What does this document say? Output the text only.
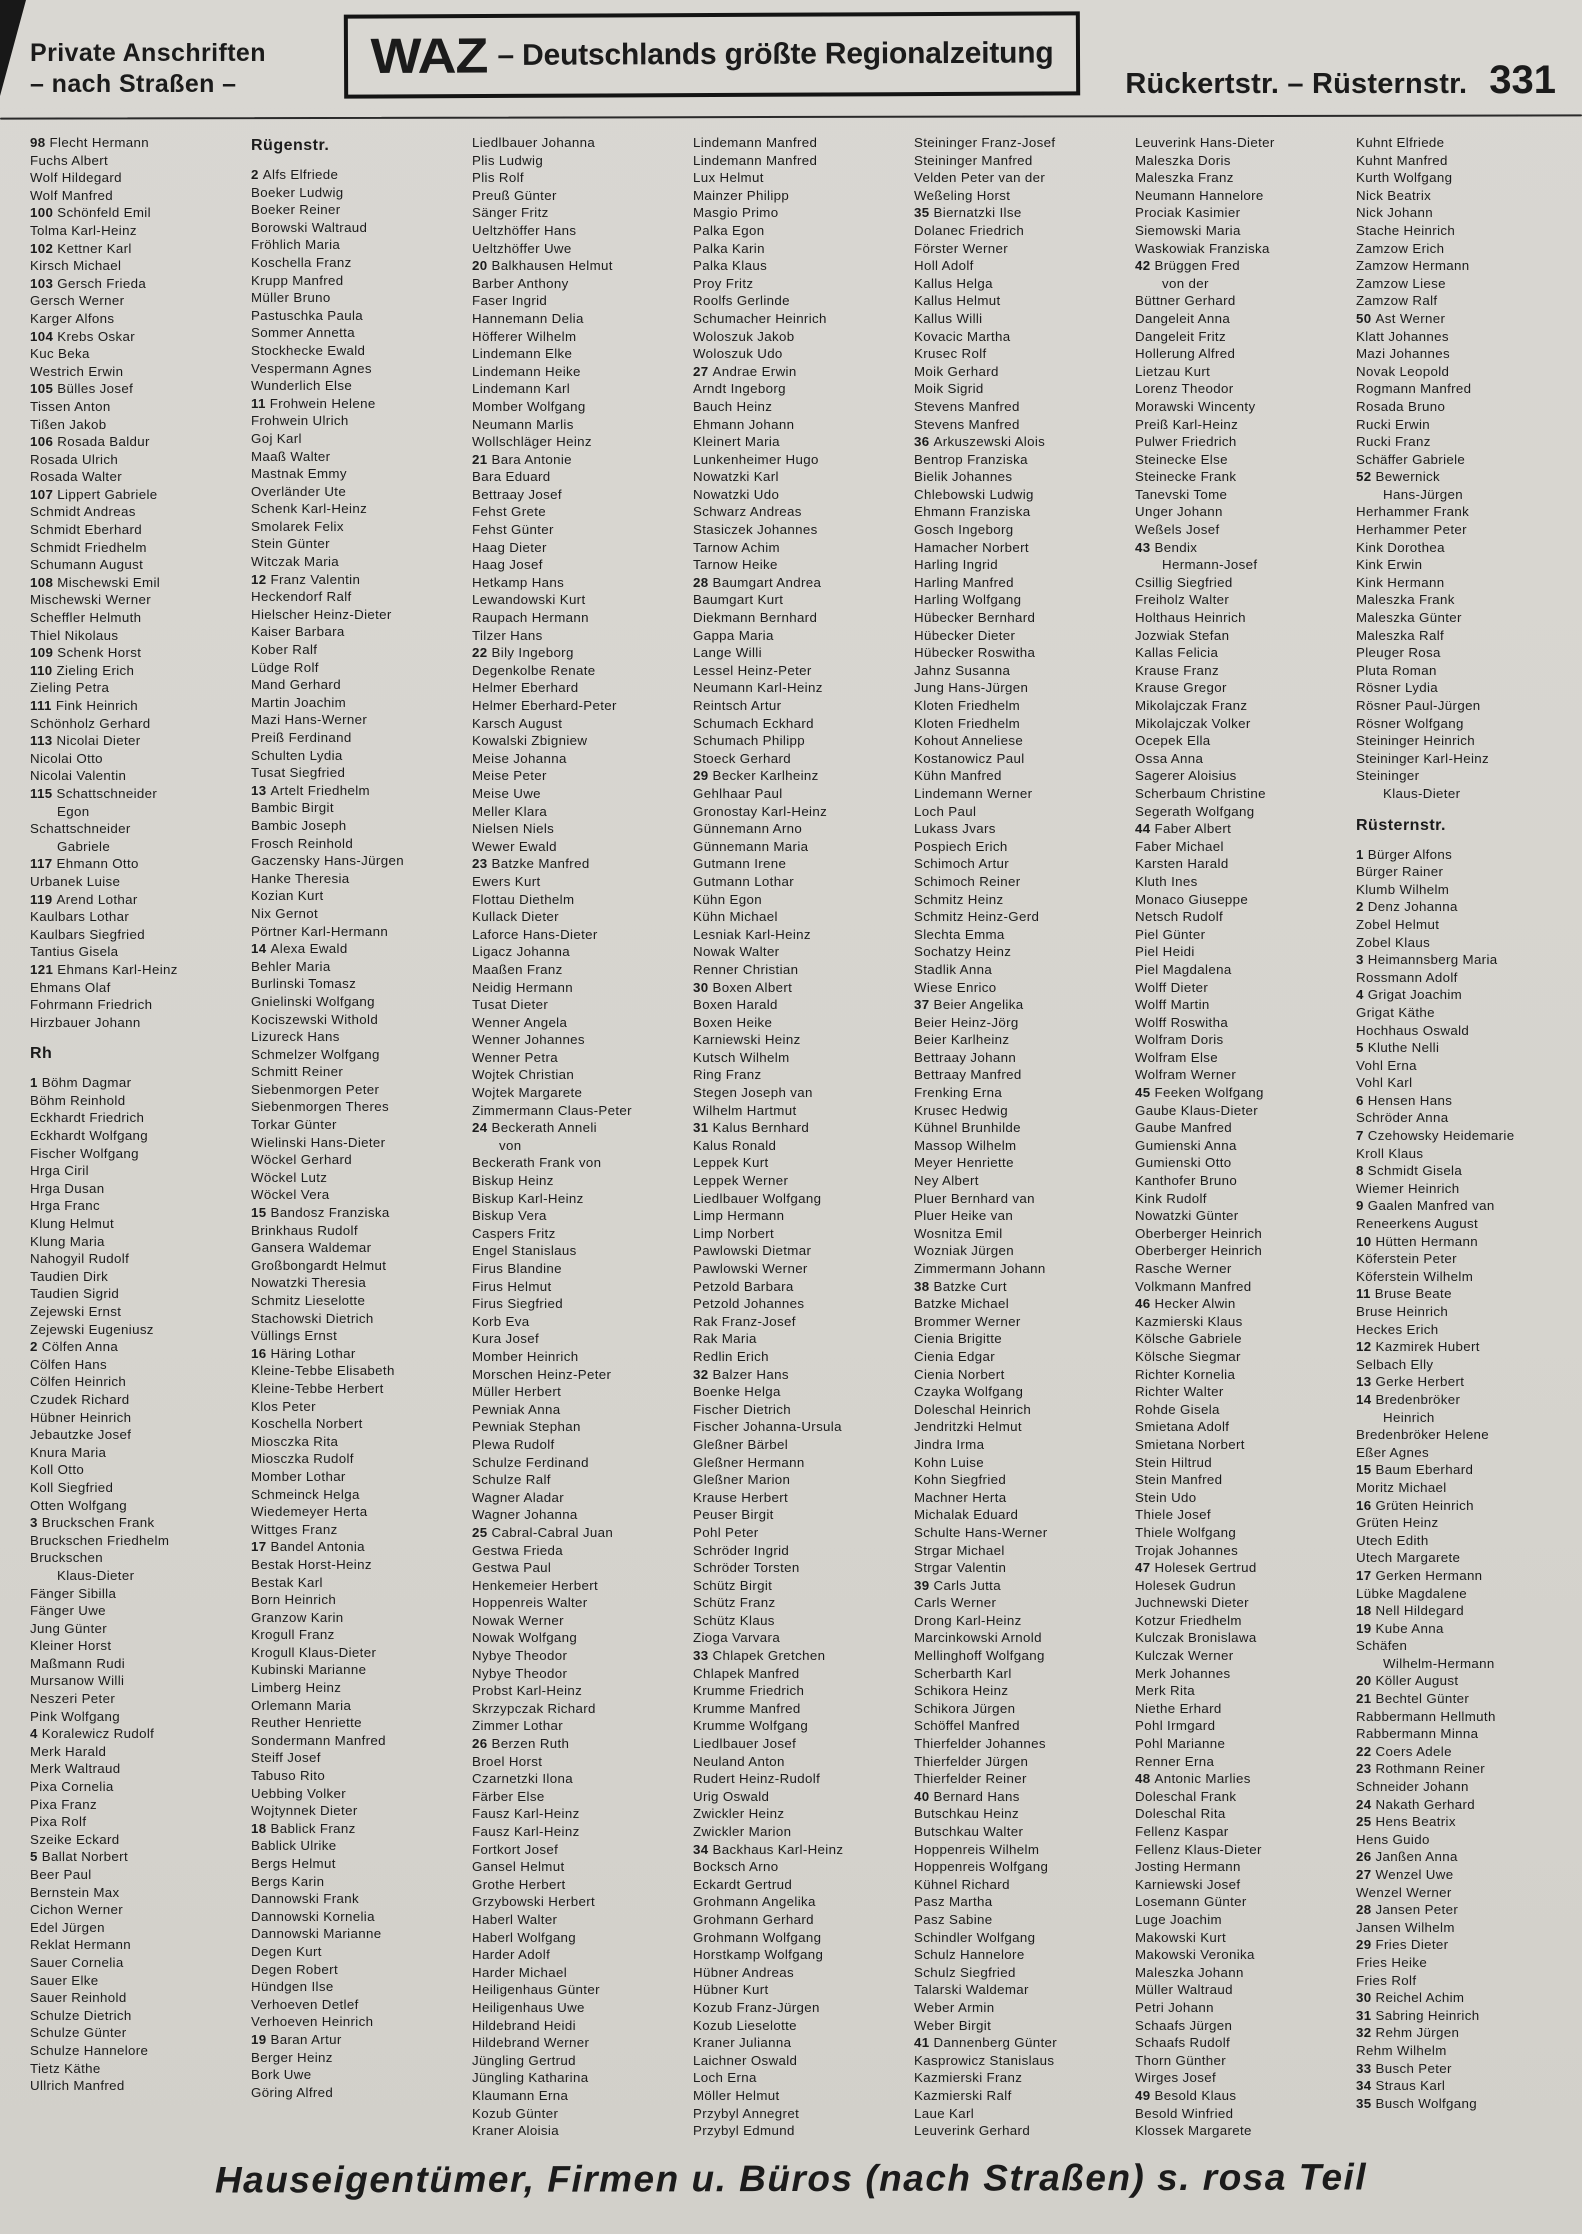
Private Anschriften
– nach Straßen –	WAZ – Deutschlands größte Regionalzeitung
Rückertstr. – Rüsternstr. 331
98 Flecht Hermann
Fuchs Albert
Wolf Hildegard
Wolf Manfred
100 Schönfeld Emil
Tolma Karl-Heinz
102 Kettner Karl
Kirsch Michael
103 Gersch Frieda
Gersch Werner
Karger Alfons
104 Krebs Oskar
Kuc Beka
Westrich Erwin
105 Bülles Josef
Tissen Anton
Tißen Jakob
106 Rosada Baldur
Rosada Ulrich
Rosada Walter
107 Lippert Gabriele
Schmidt Andreas
Schmidt Eberhard
Schmidt Friedhelm
Schumann August
108 Mischewski Emil
Mischewski Werner
Scheffler Helmuth
Thiel Nikolaus
109 Schenk Horst
110 Zieling Erich
Zieling Petra
111 Fink Heinrich
Schönholz Gerhard
113 Nicolai Dieter
Nicolai Otto
Nicolai Valentin
115 Schattschneider
Egon
Schattschneider
Gabriele
117 Ehmann Otto
Urbanek Luise
119 Arend Lothar
Kaulbars Lothar
Kaulbars Siegfried
Tantius Gisela
121 Ehmans Karl-Heinz
Ehmans Olaf
Fohrmann Friedrich
Hirzbauer Johann
Rh
1 Böhm Dagmar
Böhm Reinhold
Eckhardt Friedrich
Eckhardt Wolfgang
Fischer Wolfgang
Hrga Ciril
Hrga Dusan
Hrga Franc
Klung Helmut
Klung Maria
Nahogyil Rudolf
Taudien Dirk
Taudien Sigrid
Zejewski Ernst
Zejewski Eugeniusz
2 Cölfen Anna
Cölfen Hans
Cölfen Heinrich
Czudek Richard
Hübner Heinrich
Jebautzke Josef
Knura Maria
Koll Otto
Koll Siegfried
Otten Wolfgang
3 Bruckschen Frank
Bruckschen Friedhelm
Bruckschen
Klaus-Dieter
Fänger Sibilla
Fänger Uwe
Jung Günter
Kleiner Horst
Maßmann Rudi
Mursanow Willi
Neszeri Peter
Pink Wolfgang
4 Koralewicz Rudolf
Merk Harald
Merk Waltraud
Pixa Cornelia
Pixa Franz
Pixa Rolf
Szeike Eckard
5 Ballat Norbert
Beer Paul
Bernstein Max
Cichon Werner
Edel Jürgen
Reklat Hermann
Sauer Cornelia
Sauer Elke
Sauer Reinhold
Schulze Dietrich
Schulze Günter
Schulze Hannelore
Tietz Käthe
Ullrich Manfred
Rügenstr.
2 Alfs Elfriede
Boeker Ludwig
Boeker Reiner
Borowski Waltraud
Fröhlich Maria
Koschella Franz
Krupp Manfred
Müller Bruno
Pastuschka Paula
Sommer Annetta
Stockhecke Ewald
Vespermann Agnes
Wunderlich Else
11 Frohwein Helene
Frohwein Ulrich
Goj Karl
Maaß Walter
Mastnak Emmy
Overländer Ute
Schenk Karl-Heinz
Smolarek Felix
Stein Günter
Witczak Maria
12 Franz Valentin
Heckendorf Ralf
Hielscher Heinz-Dieter
Kaiser Barbara
Kober Ralf
Lüdge Rolf
Mand Gerhard
Martin Joachim
Mazi Hans-Werner
Preiß Ferdinand
Schulten Lydia
Tusat Siegfried
13 Artelt Friedhelm
Bambic Birgit
Bambic Joseph
Frosch Reinhold
Gaczensky Hans-Jürgen
Hanke Theresia
Kozian Kurt
Nix Gernot
Pörtner Karl-Hermann
14 Alexa Ewald
Behler Maria
Burlinski Tomasz
Gnielinski Wolfgang
Kociszewski Withold
Lizureck Hans
Schmelzer Wolfgang
Schmitt Reiner
Siebenmorgen Peter
Siebenmorgen Theres
Torkar Günter
Wielinski Hans-Dieter
Wöckel Gerhard
Wöckel Lutz
Wöckel Vera
15 Bandosz Franziska
Brinkhaus Rudolf
Gansera Waldemar
Großbongardt Helmut
Nowatzki Theresia
Schmitz Lieselotte
Stachowski Dietrich
Vüllings Ernst
16 Häring Lothar
Kleine-Tebbe Elisabeth
Kleine-Tebbe Herbert
Klos Peter
Koschella Norbert
Miosczka Rita
Miosczka Rudolf
Momber Lothar
Schmeinck Helga
Wiedemeyer Herta
Wittges Franz
17 Bandel Antonia
Bestak Horst-Heinz
Bestak Karl
Born Heinrich
Granzow Karin
Krogull Franz
Krogull Klaus-Dieter
Kubinski Marianne
Limberg Heinz
Orlemann Maria
Reuther Henriette
Sondermann Manfred
Steiff Josef
Tabuso Rito
Uebbing Volker
Wojtynnek Dieter
18 Bablick Franz
Bablick Ulrike
Bergs Helmut
Bergs Karin
Dannowski Frank
Dannowski Kornelia
Dannowski Marianne
Degen Kurt
Degen Robert
Hündgen Ilse
Verhoeven Detlef
Verhoeven Heinrich
19 Baran Artur
Berger Heinz
Bork Uwe
Göring Alfred
Liedlbauer Johanna
Plis Ludwig
Plis Rolf
Preuß Günter
Sänger Fritz
Ueltzhöffer Hans
Ueltzhöffer Uwe
20 Balkhausen Helmut
Barber Anthony
Faser Ingrid
Hannemann Delia
Höfferer Wilhelm
Lindemann Elke
Lindemann Heike
Lindemann Karl
Momber Wolfgang
Neumann Marlis
Wollschläger Heinz
21 Bara Antonie
Bara Eduard
Bettraay Josef
Fehst Grete
Fehst Günter
Haag Dieter
Haag Josef
Hetkamp Hans
Lewandowski Kurt
Raupach Hermann
Tilzer Hans
22 Bily Ingeborg
Degenkolbe Renate
Helmer Eberhard
Helmer Eberhard-Peter
Karsch August
Kowalski Zbigniew
Meise Johanna
Meise Peter
Meise Uwe
Meller Klara
Nielsen Niels
Wewer Ewald
23 Batzke Manfred
Ewers Kurt
Flottau Diethelm
Kullack Dieter
Laforce Hans-Dieter
Ligacz Johanna
Maaßen Franz
Neidig Hermann
Tusat Dieter
Wenner Angela
Wenner Johannes
Wenner Petra
Wojtek Christian
Wojtek Margarete
Zimmermann Claus-Peter
24 Beckerath Anneli
von
Beckerath Frank von
Biskup Heinz
Biskup Karl-Heinz
Biskup Vera
Caspers Fritz
Engel Stanislaus
Firus Blandine
Firus Helmut
Firus Siegfried
Korb Eva
Kura Josef
Momber Heinrich
Morschen Heinz-Peter
Müller Herbert
Pewniak Anna
Pewniak Stephan
Plewa Rudolf
Schulze Ferdinand
Schulze Ralf
Wagner Aladar
Wagner Johanna
25 Cabral-Cabral Juan
Gestwa Frieda
Gestwa Paul
Henkemeier Herbert
Hoppenreis Walter
Nowak Werner
Nowak Wolfgang
Nybye Theodor
Nybye Theodor
Probst Karl-Heinz
Skrzypczak Richard
Zimmer Lothar
26 Berzen Ruth
Broel Horst
Czarnetzki Ilona
Färber Else
Fausz Karl-Heinz
Fausz Karl-Heinz
Fortkort Josef
Gansel Helmut
Grothe Herbert
Grzybowski Herbert
Haberl Walter
Haberl Wolfgang
Harder Adolf
Harder Michael
Heiligenhaus Günter
Heiligenhaus Uwe
Hildebrand Heidi
Hildebrand Werner
Jüngling Gertrud
Jüngling Katharina
Klaumann Erna
Kozub Günter
Kraner Aloisia
Lindemann Manfred
Lindemann Manfred
Lux Helmut
Mainzer Philipp
Masgio Primo
Palka Egon
Palka Karin
Palka Klaus
Proy Fritz
Roolfs Gerlinde
Schumacher Heinrich
Woloszuk Jakob
Woloszuk Udo
27 Andrae Erwin
Arndt Ingeborg
Bauch Heinz
Ehmann Johann
Kleinert Maria
Lunkenheimer Hugo
Nowatzki Karl
Nowatzki Udo
Schwarz Andreas
Stasiczek Johannes
Tarnow Achim
Tarnow Heike
28 Baumgart Andrea
Baumgart Kurt
Diekmann Bernhard
Gappa Maria
Lange Willi
Lessel Heinz-Peter
Neumann Karl-Heinz
Reintsch Artur
Schumach Eckhard
Schumach Philipp
Stoeck Gerhard
29 Becker Karlheinz
Gehlhaar Paul
Gronostay Karl-Heinz
Günnemann Arno
Günnemann Maria
Gutmann Irene
Gutmann Lothar
Kühn Egon
Kühn Michael
Lesniak Karl-Heinz
Nowak Walter
Renner Christian
30 Boxen Albert
Boxen Harald
Boxen Heike
Karniewski Heinz
Kutsch Wilhelm
Ring Franz
Stegen Joseph van
Wilhelm Hartmut
31 Kalus Bernhard
Kalus Ronald
Leppek Kurt
Leppek Werner
Liedlbauer Wolfgang
Limp Hermann
Limp Norbert
Pawlowski Dietmar
Pawlowski Werner
Petzold Barbara
Petzold Johannes
Rak Franz-Josef
Rak Maria
Redlin Erich
32 Balzer Hans
Boenke Helga
Fischer Dietrich
Fischer Johanna-Ursula
Gleßner Bärbel
Gleßner Hermann
Gleßner Marion
Krause Herbert
Peuser Birgit
Pohl Peter
Schröder Ingrid
Schröder Torsten
Schütz Birgit
Schütz Franz
Schütz Klaus
Zioga Varvara
33 Chlapek Gretchen
Chlapek Manfred
Krumme Friedrich
Krumme Manfred
Krumme Wolfgang
Liedlbauer Josef
Neuland Anton
Rudert Heinz-Rudolf
Urig Oswald
Zwickler Heinz
Zwickler Marion
34 Backhaus Karl-Heinz
Bocksch Arno
Eckardt Gertrud
Grohmann Angelika
Grohmann Gerhard
Grohmann Wolfgang
Horstkamp Wolfgang
Hübner Andreas
Hübner Kurt
Kozub Franz-Jürgen
Kozub Lieselotte
Kraner Julianna
Laichner Oswald
Loch Erna
Möller Helmut
Przybyl Annegret
Przybyl Edmund
Steininger Franz-Josef
Steininger Manfred
Velden Peter van der
Weßeling Horst
35 Biernatzki Ilse
Dolanec Friedrich
Förster Werner
Holl Adolf
Kallus Helga
Kallus Helmut
Kallus Willi
Kovacic Martha
Krusec Rolf
Moik Gerhard
Moik Sigrid
Stevens Manfred
Stevens Manfred
36 Arkuszewski Alois
Bentrop Franziska
Bielik Johannes
Chlebowski Ludwig
Ehmann Franziska
Gosch Ingeborg
Hamacher Norbert
Harling Ingrid
Harling Manfred
Harling Wolfgang
Hübecker Bernhard
Hübecker Dieter
Hübecker Roswitha
Jahnz Susanna
Jung Hans-Jürgen
Kloten Friedhelm
Kloten Friedhelm
Kohout Anneliese
Kostanowicz Paul
Kühn Manfred
Lindemann Werner
Loch Paul
Lukass Jvars
Pospiech Erich
Schimoch Artur
Schimoch Reiner
Schmitz Heinz
Schmitz Heinz-Gerd
Slechta Emma
Sochatzy Heinz
Stadlik Anna
Wiese Enrico
37 Beier Angelika
Beier Heinz-Jörg
Beier Karlheinz
Bettraay Johann
Bettraay Manfred
Frenking Erna
Krusec Hedwig
Kühnel Brunhilde
Massop Wilhelm
Meyer Henriette
Ney Albert
Pluer Bernhard van
Pluer Heike van
Wosnitza Emil
Wozniak Jürgen
Zimmermann Johann
38 Batzke Curt
Batzke Michael
Brommer Werner
Cienia Brigitte
Cienia Edgar
Cienia Norbert
Czayka Wolfgang
Doleschal Heinrich
Jendritzki Helmut
Jindra Irma
Kohn Luise
Kohn Siegfried
Machner Herta
Michalak Eduard
Schulte Hans-Werner
Strgar Michael
Strgar Valentin
39 Carls Jutta
Carls Werner
Drong Karl-Heinz
Marcinkowski Arnold
Mellinghoff Wolfgang
Scherbarth Karl
Schikora Heinz
Schikora Jürgen
Schöffel Manfred
Thierfelder Johannes
Thierfelder Jürgen
Thierfelder Reiner
40 Bernard Hans
Butschkau Heinz
Butschkau Walter
Hoppenreis Wilhelm
Hoppenreis Wolfgang
Kühnel Richard
Pasz Martha
Pasz Sabine
Schindler Wolfgang
Schulz Hannelore
Schulz Siegfried
Talarski Waldemar
Weber Armin
Weber Birgit
41 Dannenberg Günter
Kasprowicz Stanislaus
Kazmierski Franz
Kazmierski Ralf
Laue Karl
Leuverink Gerhard
Leuverink Hans-Dieter
Maleszka Doris
Maleszka Franz
Neumann Hannelore
Prociak Kasimier
Siemowski Maria
Waskowiak Franziska
42 Brüggen Fred
von der
Büttner Gerhard
Dangeleit Anna
Dangeleit Fritz
Hollerung Alfred
Lietzau Kurt
Lorenz Theodor
Morawski Wincenty
Preiß Karl-Heinz
Pulwer Friedrich
Steinecke Else
Steinecke Frank
Tanevski Tome
Unger Johann
Weßels Josef
43 Bendix
Hermann-Josef
Csillig Siegfried
Freiholz Walter
Holthaus Heinrich
Jozwiak Stefan
Kallas Felicia
Krause Franz
Krause Gregor
Mikolajczak Franz
Mikolajczak Volker
Ocepek Ella
Ossa Anna
Sagerer Aloisius
Scherbaum Christine
Segerath Wolfgang
44 Faber Albert
Faber Michael
Karsten Harald
Kluth Ines
Monaco Giuseppe
Netsch Rudolf
Piel Günter
Piel Heidi
Piel Magdalena
Wolff Dieter
Wolff Martin
Wolff Roswitha
Wolfram Doris
Wolfram Else
Wolfram Werner
45 Feeken Wolfgang
Gaube Klaus-Dieter
Gaube Manfred
Gumienski Anna
Gumienski Otto
Kanthofer Bruno
Kink Rudolf
Nowatzki Günter
Oberberger Heinrich
Oberberger Heinrich
Rasche Werner
Volkmann Manfred
46 Hecker Alwin
Kazmierski Klaus
Kölsche Gabriele
Kölsche Siegmar
Richter Kornelia
Richter Walter
Rohde Gisela
Smietana Adolf
Smietana Norbert
Stein Hiltrud
Stein Manfred
Stein Udo
Thiele Josef
Thiele Wolfgang
Trojak Johannes
47 Holesek Gertrud
Holesek Gudrun
Juchnewski Dieter
Kotzur Friedhelm
Kulczak Bronislawa
Kulczak Werner
Merk Johannes
Merk Rita
Niethe Erhard
Pohl Irmgard
Pohl Marianne
Renner Erna
48 Antonic Marlies
Doleschal Frank
Doleschal Rita
Fellenz Kaspar
Fellenz Klaus-Dieter
Josting Hermann
Karniewski Josef
Losemann Günter
Luge Joachim
Makowski Kurt
Makowski Veronika
Maleszka Johann
Müller Waltraud
Petri Johann
Schaafs Jürgen
Schaafs Rudolf
Thorn Günther
Wirges Josef
49 Besold Klaus
Besold Winfried
Klossek Margarete
Kuhnt Elfriede
Kuhnt Manfred
Kurth Wolfgang
Nick Beatrix
Nick Johann
Stache Heinrich
Zamzow Erich
Zamzow Hermann
Zamzow Liese
Zamzow Ralf
50 Ast Werner
Klatt Johannes
Mazi Johannes
Novak Leopold
Rogmann Manfred
Rosada Bruno
Rucki Erwin
Rucki Franz
Schäffer Gabriele
52 Bewernick
Hans-Jürgen
Herhammer Frank
Herhammer Peter
Kink Dorothea
Kink Erwin
Kink Hermann
Maleszka Frank
Maleszka Günter
Maleszka Ralf
Pleuger Rosa
Pluta Roman
Rösner Lydia
Rösner Paul-Jürgen
Rösner Wolfgang
Steininger Heinrich
Steininger Karl-Heinz
Steininger
Klaus-Dieter
Rüsternstr.
1 Bürger Alfons
Bürger Rainer
Klumb Wilhelm
2 Denz Johanna
Zobel Helmut
Zobel Klaus
3 Heimannsberg Maria
Rossmann Adolf
4 Grigat Joachim
Grigat Käthe
Hochhaus Oswald
5 Kluthe Nelli
Vohl Erna
Vohl Karl
6 Hensen Hans
Schröder Anna
7 Czehowsky Heidemarie
Kroll Klaus
8 Schmidt Gisela
Wiemer Heinrich
9 Gaalen Manfred van
Reneerkens August
10 Hütten Hermann
Köferstein Peter
Köferstein Wilhelm
11 Bruse Beate
Bruse Heinrich
Heckes Erich
12 Kazmirek Hubert
Selbach Elly
13 Gerke Herbert
14 Bredenbröker
Heinrich
Bredenbröker Helene
Eßer Agnes
15 Baum Eberhard
Moritz Michael
16 Grüten Heinrich
Grüten Heinz
Utech Edith
Utech Margarete
17 Gerken Hermann
Lübke Magdalene
18 Nell Hildegard
19 Kube Anna
Schäfen
Wilhelm-Hermann
20 Köller August
21 Bechtel Günter
Rabbermann Hellmuth
Rabbermann Minna
22 Coers Adele
23 Rothmann Reiner
Schneider Johann
24 Nakath Gerhard
25 Hens Beatrix
Hens Guido
26 Janßen Anna
27 Wenzel Uwe
Wenzel Werner
28 Jansen Peter
Jansen Wilhelm
29 Fries Dieter
Fries Heike
Fries Rolf
30 Reichel Achim
31 Sabring Heinrich
32 Rehm Jürgen
Rehm Wilhelm
33 Busch Peter
34 Straus Karl
35 Busch Wolfgang
Hauseigentümer, Firmen u. Büros (nach Straßen) s. rosa Teil
